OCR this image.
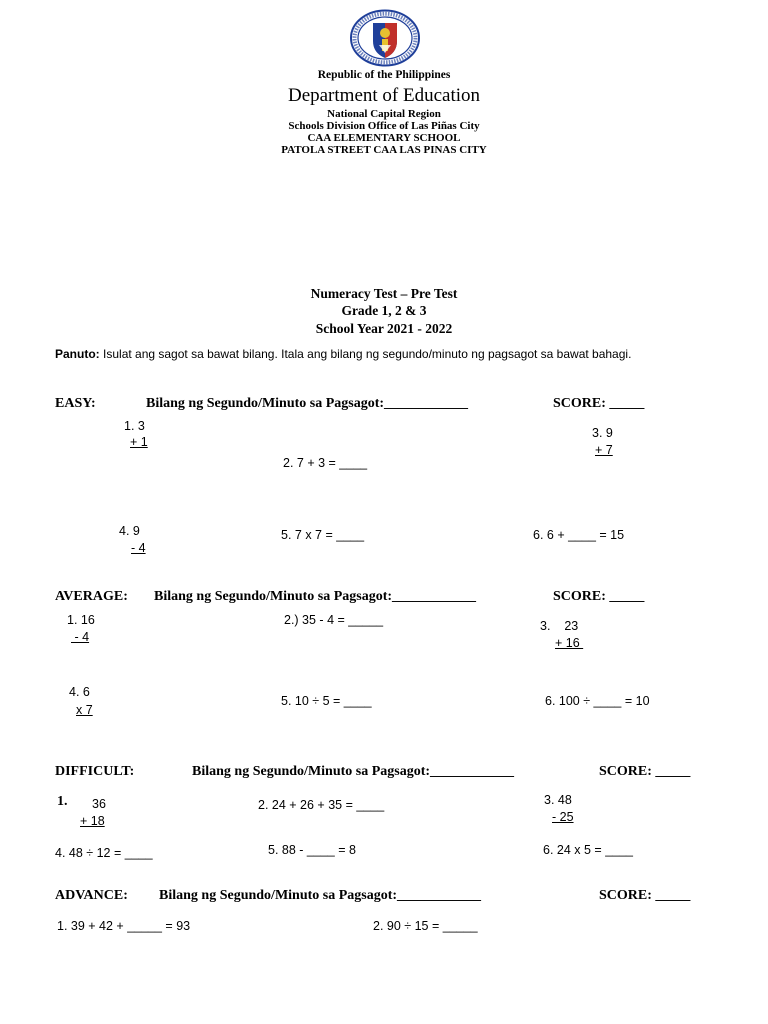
Republic of the Philippines
Department of Education
National Capital Region
Schools Division Office of Las Piñas City
CAA ELEMENTARY SCHOOL
PATOLA STREET CAA LAS PINAS CITY
Numeracy Test – Pre Test
Grade 1, 2 & 3
School Year 2021 - 2022
Panuto: Isulat ang sagot sa bawat bilang. Itala ang bilang ng segundo/minuto ng pagsagot sa bawat bahagi.
EASY:	Bilang ng Segundo/Minuto sa Pagsagot:____________	SCORE: _____
1. 3
+ 1
2. 7 + 3 = ____
3. 9
+ 7
4. 9
- 4
5. 7 x 7 = ____	6. 6 + ____ = 15
AVERAGE: Bilang ng Segundo/Minuto sa Pagsagot:____________	SCORE: _____
1. 16
- 4
2.) 35 - 4 = _____	3.    23
+ 16
4. 6
x 7
5. 10 ÷ 5 = ____	6. 100 ÷ ____ = 10
DIFFICULT:	Bilang ng Segundo/Minuto sa Pagsagot:____________	SCORE: _____
1. 36
+ 18
2. 24 + 26 + 35 = ____	3. 48
- 25
4. 48 ÷ 12 = ____	5. 88 - ____ = 8	6. 24 x 5 = ____
ADVANCE: Bilang ng Segundo/Minuto sa Pagsagot:____________	SCORE: _____
1. 39 + 42 + _____ = 93	2. 90 ÷ 15 = _____
